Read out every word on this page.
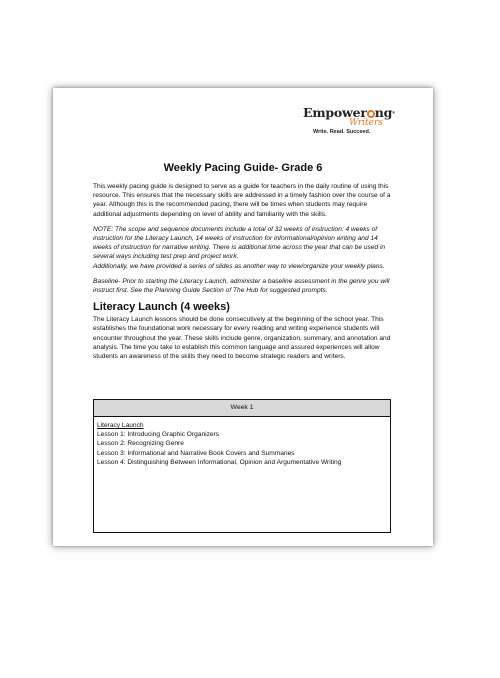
Empower ng®
Writers
Write. Read. Succeed.
Weekly Pacing Guide- Grade 6

This weekly pacing guide is designed to serve as a guide for teachers in the daily routine of using this resource. This ensures that the necessary skills are addressed in a timely fashion over the course of a year. Although this is the recommended pacing, there will be times when students may require additional adjustments depending on level of ability and familiarity with the skills.

NOTE: The scope and sequence documents include a total of 32 weeks of instruction: 4 weeks of instruction for the Literacy Launch, 14 weeks of instruction for informational/opinion writing and 14 weeks of instruction for narrative writing. There is additional time across the year that can be used in several ways including test prep and project work.

Additionally, we have provided a series of slides as another way to view/organize your weekly plans.

Baseline- Prior to starting the Literacy Launch, administer a baseline assessment in the genre you will instruct first. See the Planning Guide Section of The Hub for suggested prompts.

Literacy Launch (4 weeks)

The Literacy Launch lessons should be done consecutively at the beginning of the school year. This establishes the foundational work necessary for every reading and writing experience students will encounter throughout the year. These skills include genre, organization, summary, and annotation and analysis. The time you take to establish this common language and assured experiences will allow students an awareness of the skills they need to become strategic readers and writers.

Week 1
Literacy Launch
Lesson 1: Introducing Graphic Organizers
Lesson 2: Recognizing Genre
Lesson 3: Informational and Narrative Book Covers and Summaries
Lesson 4: Distinguishing Between Informational, Opinion and Argumentative Writing
